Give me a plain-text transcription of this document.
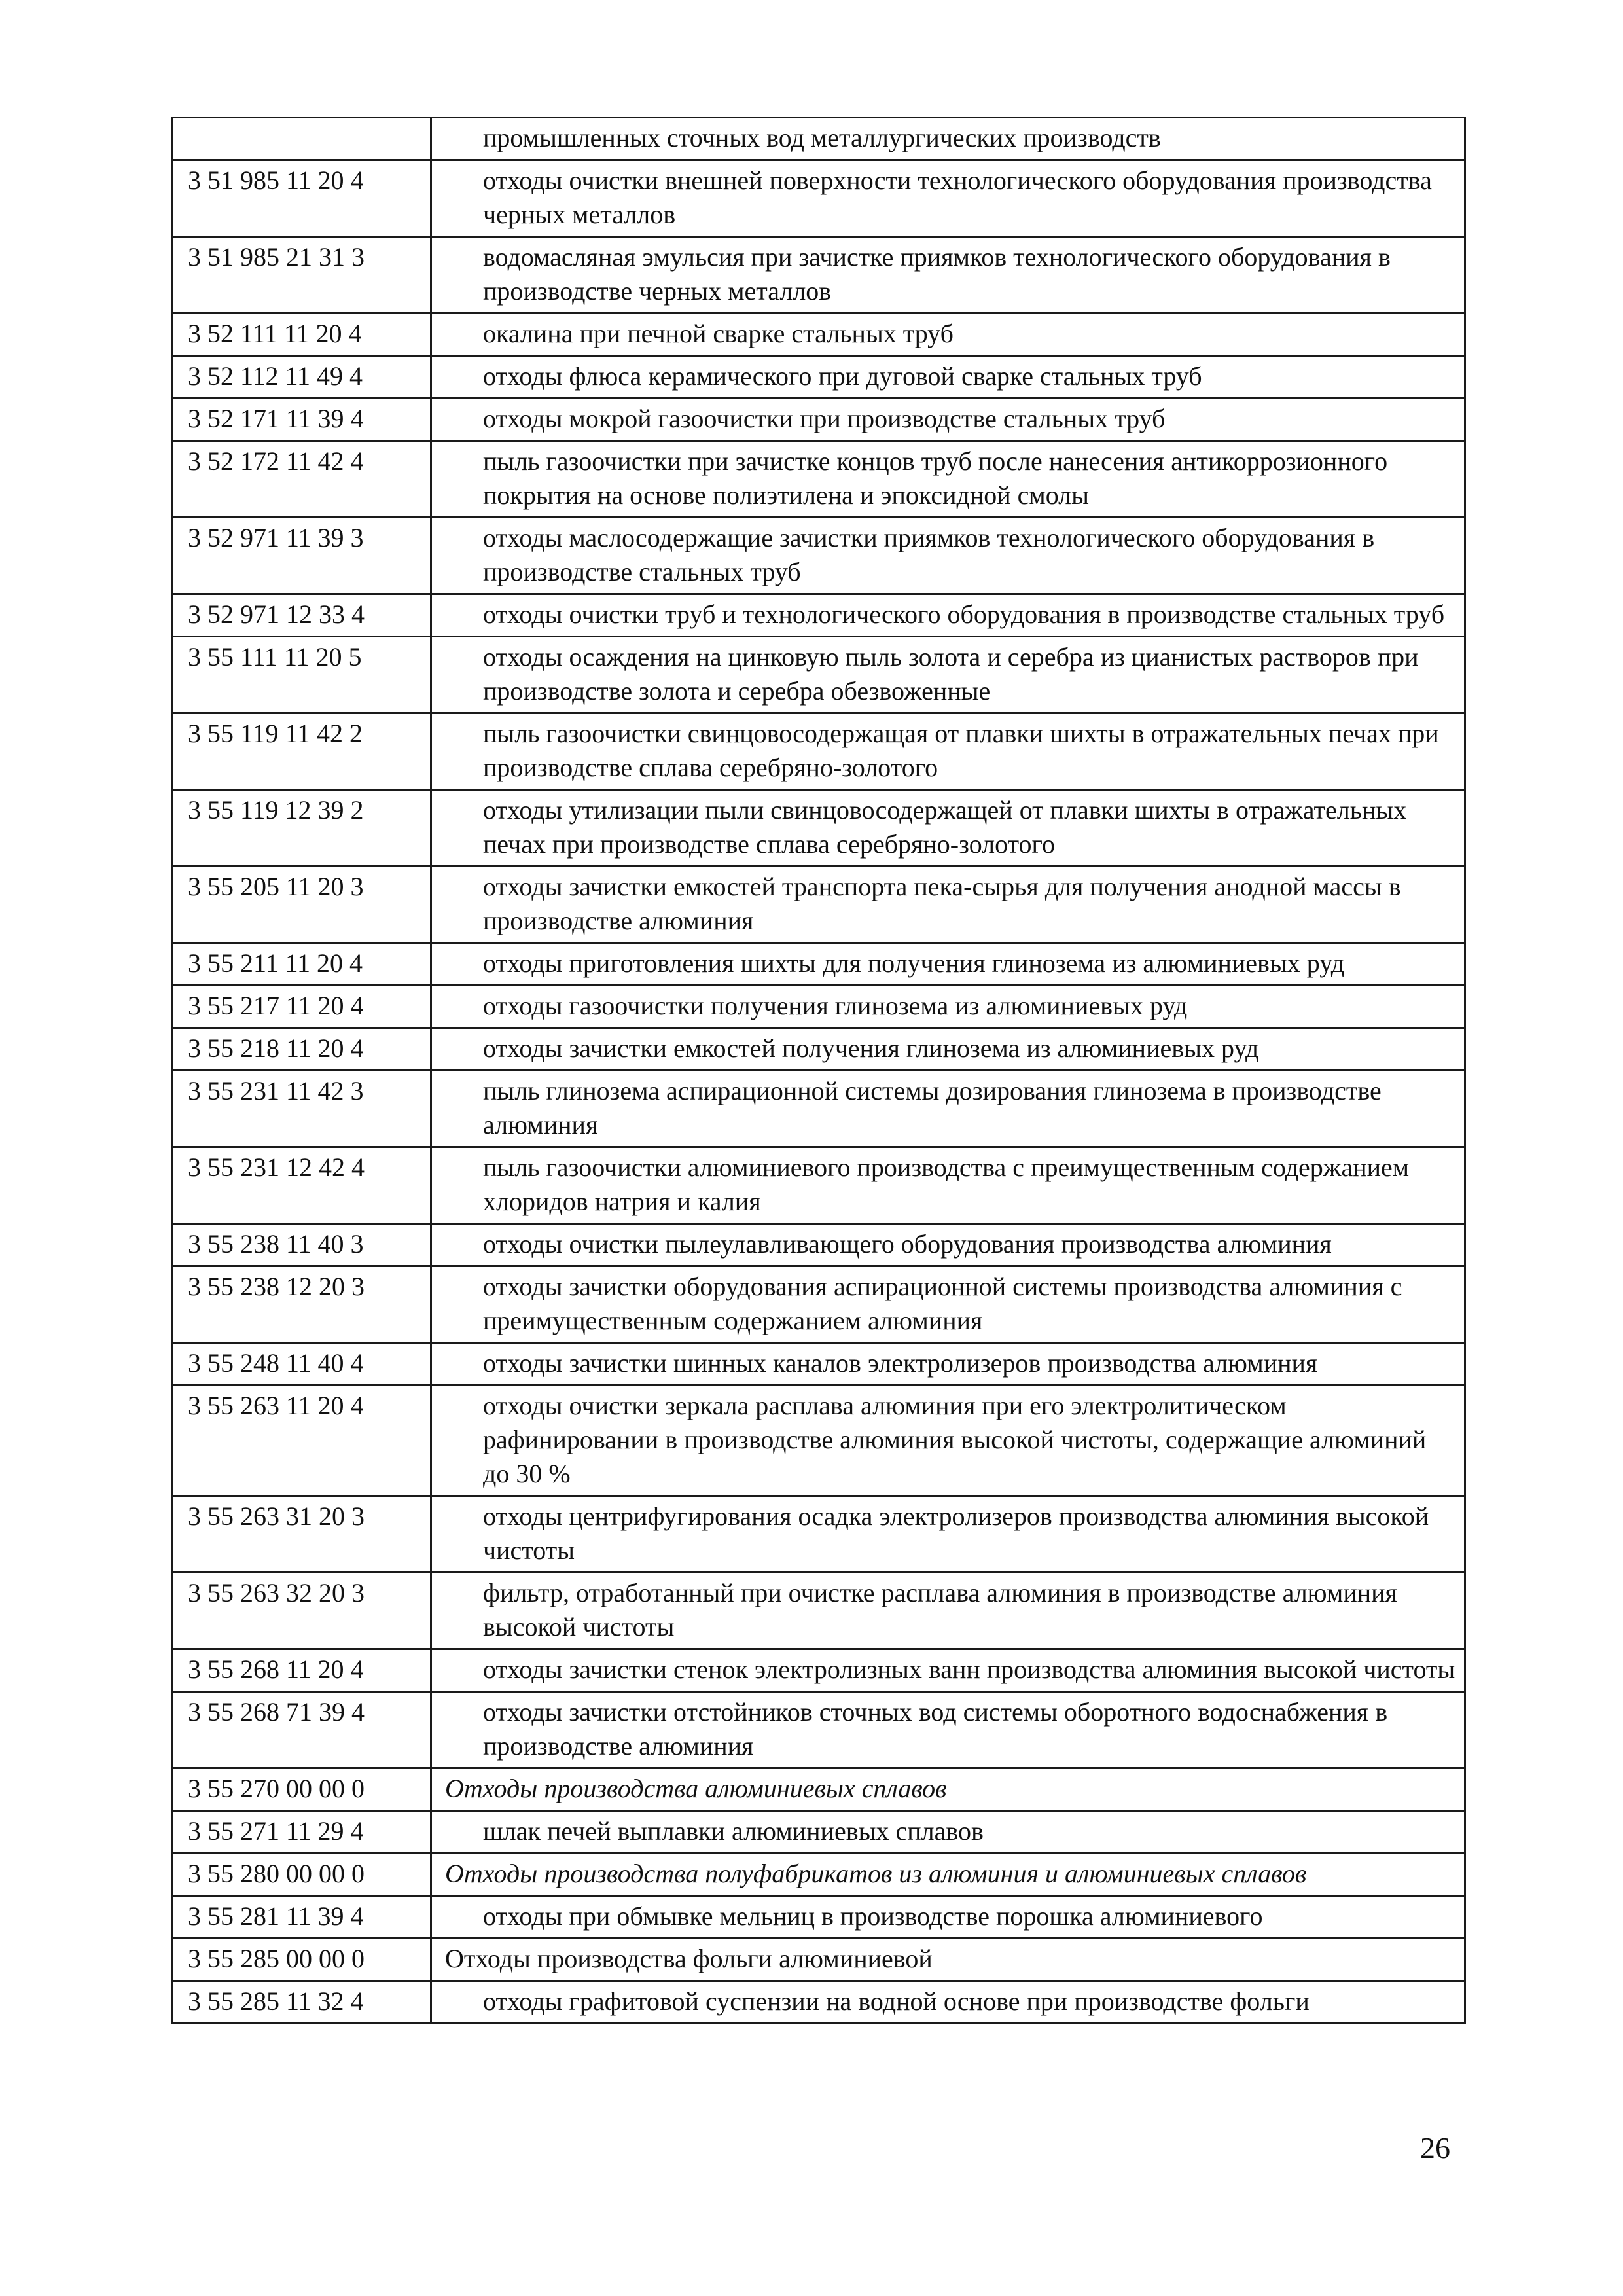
	промышленных сточных вод металлургических производств
3 51 985 11 20 4	отходы очистки внешней поверхности технологического оборудования производства черных металлов
3 51 985 21 31 3	водомасляная эмульсия при зачистке приямков технологического оборудования в производстве черных металлов
3 52 111 11 20 4	окалина при печной сварке стальных труб
3 52 112 11 49 4	отходы флюса керамического при дуговой сварке стальных труб
3 52 171 11 39 4	отходы мокрой газоочистки при производстве стальных труб
3 52 172 11 42 4	пыль газоочистки при зачистке концов труб после нанесения антикоррозионного покрытия на основе полиэтилена и эпоксидной смолы
3 52 971 11 39 3	отходы маслосодержащие зачистки приямков технологического оборудования в производстве стальных труб
3 52 971 12 33 4	отходы очистки труб и технологического оборудования в производстве стальных труб
3 55 111 11 20 5	отходы осаждения на цинковую пыль золота и серебра из цианистых растворов при производстве золота и серебра обезвоженные
3 55 119 11 42 2	пыль газоочистки свинцовосодержащая от плавки шихты в отражательных печах при производстве сплава серебряно-золотого
3 55 119 12 39 2	отходы утилизации пыли свинцовосодержащей от плавки шихты в отражательных печах при производстве сплава серебряно-золотого
3 55 205 11 20 3	отходы зачистки емкостей транспорта пека-сырья для получения анодной массы в производстве алюминия
3 55 211 11 20 4	отходы приготовления шихты для получения глинозема из алюминиевых руд
3 55 217 11 20 4	отходы газоочистки получения глинозема из алюминиевых руд
3 55 218 11 20 4	отходы зачистки емкостей получения глинозема из алюминиевых руд
3 55 231 11 42 3	пыль глинозема аспирационной системы дозирования глинозема в производстве алюминия
3 55 231 12 42 4	пыль газоочистки алюминиевого производства с преимущественным содержанием хлоридов натрия и калия
3 55 238 11 40 3	отходы очистки пылеулавливающего оборудования производства алюминия
3 55 238 12 20 3	отходы зачистки оборудования аспирационной системы производства алюминия с преимущественным содержанием алюминия
3 55 248 11 40 4	отходы зачистки шинных каналов электролизеров производства алюминия
3 55 263 11 20 4	отходы очистки зеркала расплава алюминия при его электролитическом рафинировании в производстве алюминия высокой чистоты, содержащие алюминий до 30 %
3 55 263 31 20 3	отходы центрифугирования осадка электролизеров производства алюминия высокой чистоты
3 55 263 32 20 3	фильтр, отработанный при очистке расплава алюминия в производстве алюминия высокой чистоты
3 55 268 11 20 4	отходы зачистки стенок электролизных ванн производства алюминия высокой чистоты
3 55 268 71 39 4	отходы зачистки отстойников сточных вод системы оборотного водоснабжения в производстве алюминия
3 55 270 00 00 0	Отходы производства алюминиевых сплавов
3 55 271 11 29 4	шлак печей выплавки алюминиевых сплавов
3 55 280 00 00 0	Отходы производства полуфабрикатов из алюминия и алюминиевых сплавов
3 55 281 11 39 4	отходы при обмывке мельниц в производстве порошка алюминиевого
3 55 285 00 00 0	Отходы производства фольги алюминиевой
3 55 285 11 32 4	отходы графитовой суспензии на водной основе при производстве фольги
26
